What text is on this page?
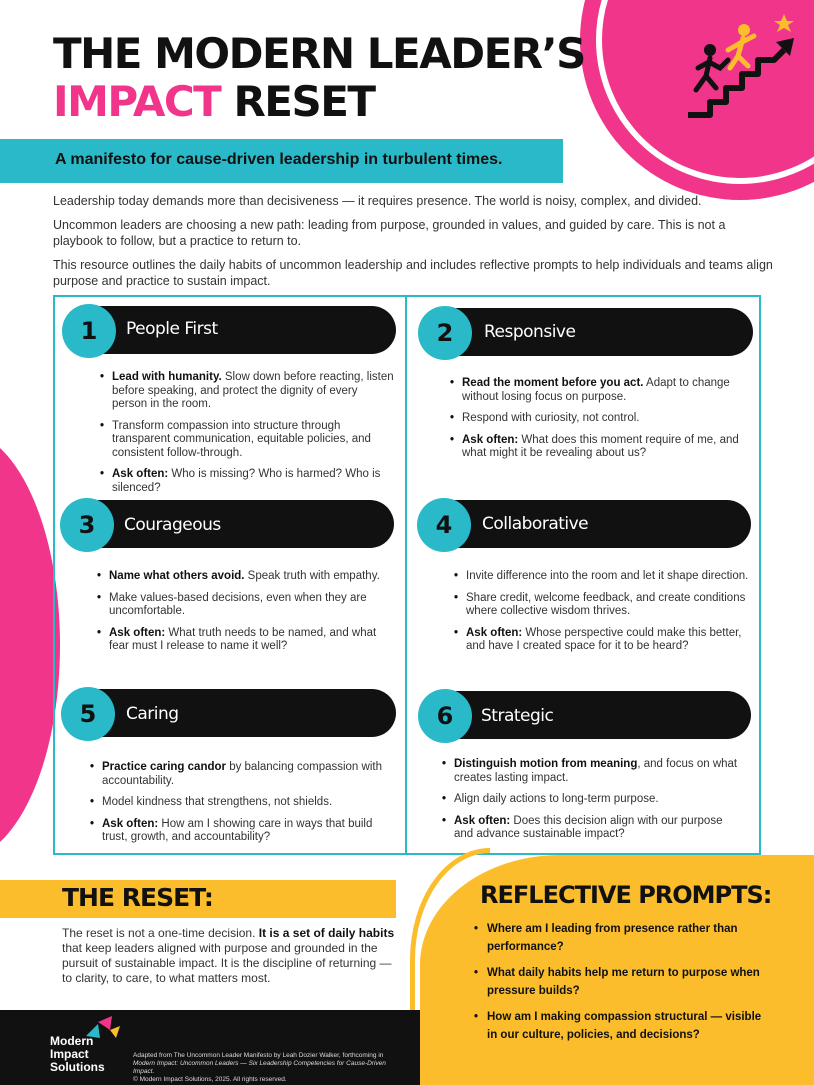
THE MODERN LEADER’S
IMPACT RESET
A manifesto for cause-driven leadership in turbulent times.

Leadership today demands more than decisiveness — it requires presence. The world is noisy, complex, and divided.

Uncommon leaders are choosing a new path: leading from purpose, grounded in values, and guided by care. This is not a playbook to follow, but a practice to return to.

This resource outlines the daily habits of uncommon leadership and includes reflective prompts to help individuals and teams align purpose and practice to sustain impact.

1	People First
• Lead with humanity. Slow down before reacting, listen before speaking, and protect the dignity of every person in the room.
• Transform compassion into structure through transparent communication, equitable policies, and consistent follow-through.
• Ask often: Who is missing? Who is harmed? Who is silenced?
2	Responsive
• Read the moment before you act. Adapt to change without losing focus on purpose.
• Respond with curiosity, not control.
• Ask often: What does this moment require of me, and what might it be revealing about us?
3	Courageous
• Name what others avoid. Speak truth with empathy.
• Make values-based decisions, even when they are uncomfortable.
• Ask often: What truth needs to be named, and what fear must I release to name it well?
4	Collaborative
• Invite difference into the room and let it shape direction.
• Share credit, welcome feedback, and create conditions where collective wisdom thrives.
• Ask often: Whose perspective could make this better, and have I created space for it to be heard?
5	Caring
• Practice caring candor by balancing compassion with accountability.
• Model kindness that strengthens, not shields.
• Ask often: How am I showing care in ways that build trust, growth, and accountability?
6	Strategic
• Distinguish motion from meaning, and focus on what creates lasting impact.
• Align daily actions to long-term purpose.
• Ask often: Does this decision align with our purpose and advance sustainable impact?
THE RESET:

The reset is not a one-time decision. It is a set of daily habits that keep leaders aligned with purpose and grounded in the pursuit of sustainable impact. It is the discipline of returning — to clarity, to care, to what matters most.

REFLECTIVE PROMPTS:
• Where am I leading from presence rather than performance?
• What daily habits help me return to purpose when pressure builds?
• How am I making compassion structural — visible in our culture, policies, and decisions?
Modern
Impact
Solutions
Adapted from The Uncommon Leader Manifesto by Leah Dozier Walker, forthcoming in Modern Impact: Uncommon Leaders — Six Leadership Competencies for Cause-Driven Impact.
© Modern Impact Solutions, 2025. All rights reserved.
